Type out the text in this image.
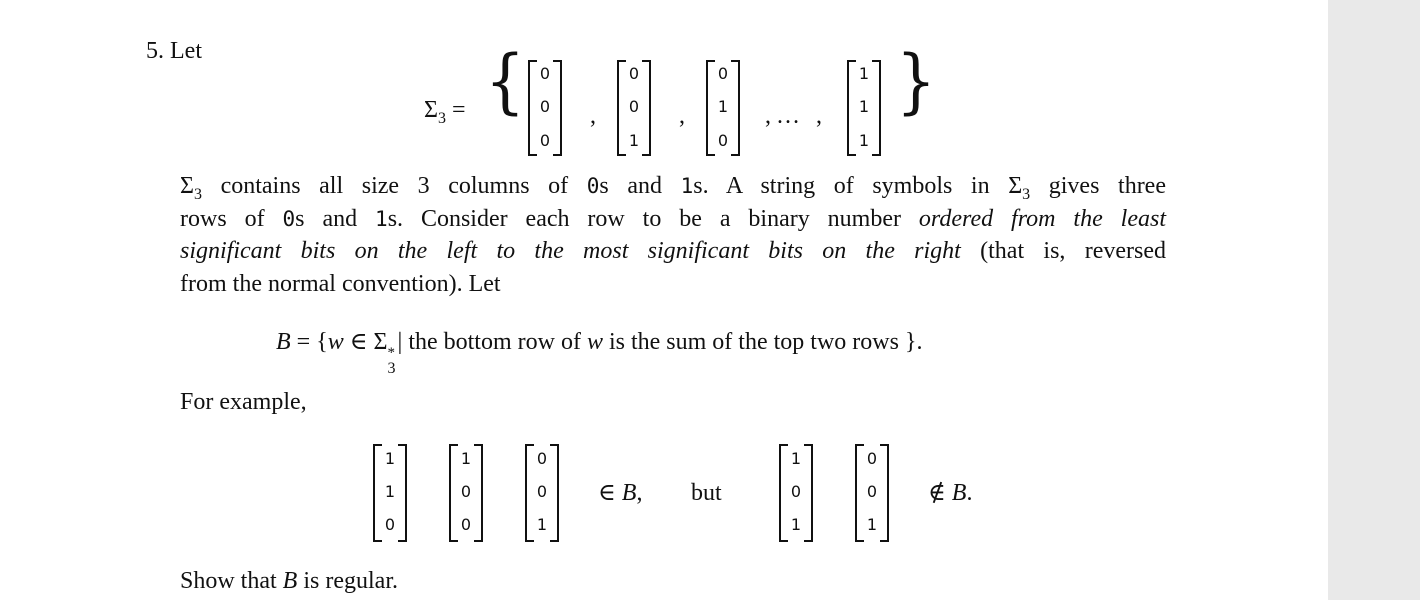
5. Let
$\Sigma_3$ = {	}
0
0
0
,
0
0
1
,
0
1
0
, … ,
1
1
1
$\Sigma_3$ contains all size 3 columns of 0s and 1s. A string of symbols in $\Sigma_3$ gives three
rows of 0s and 1s. Consider each row to be a binary number ordered from the least
significant bits on the left to the most significant bits on the right (that is, reversed
from the normal convention). Let
B = {w ∈ Σ *
3
| the bottom row of w is the sum of the top two rows }.
For example,
1
1
0
1
0
0
0
0
1
∈ B, but
1
0
1
0
0
1
∉ B.
Show that B is regular.
